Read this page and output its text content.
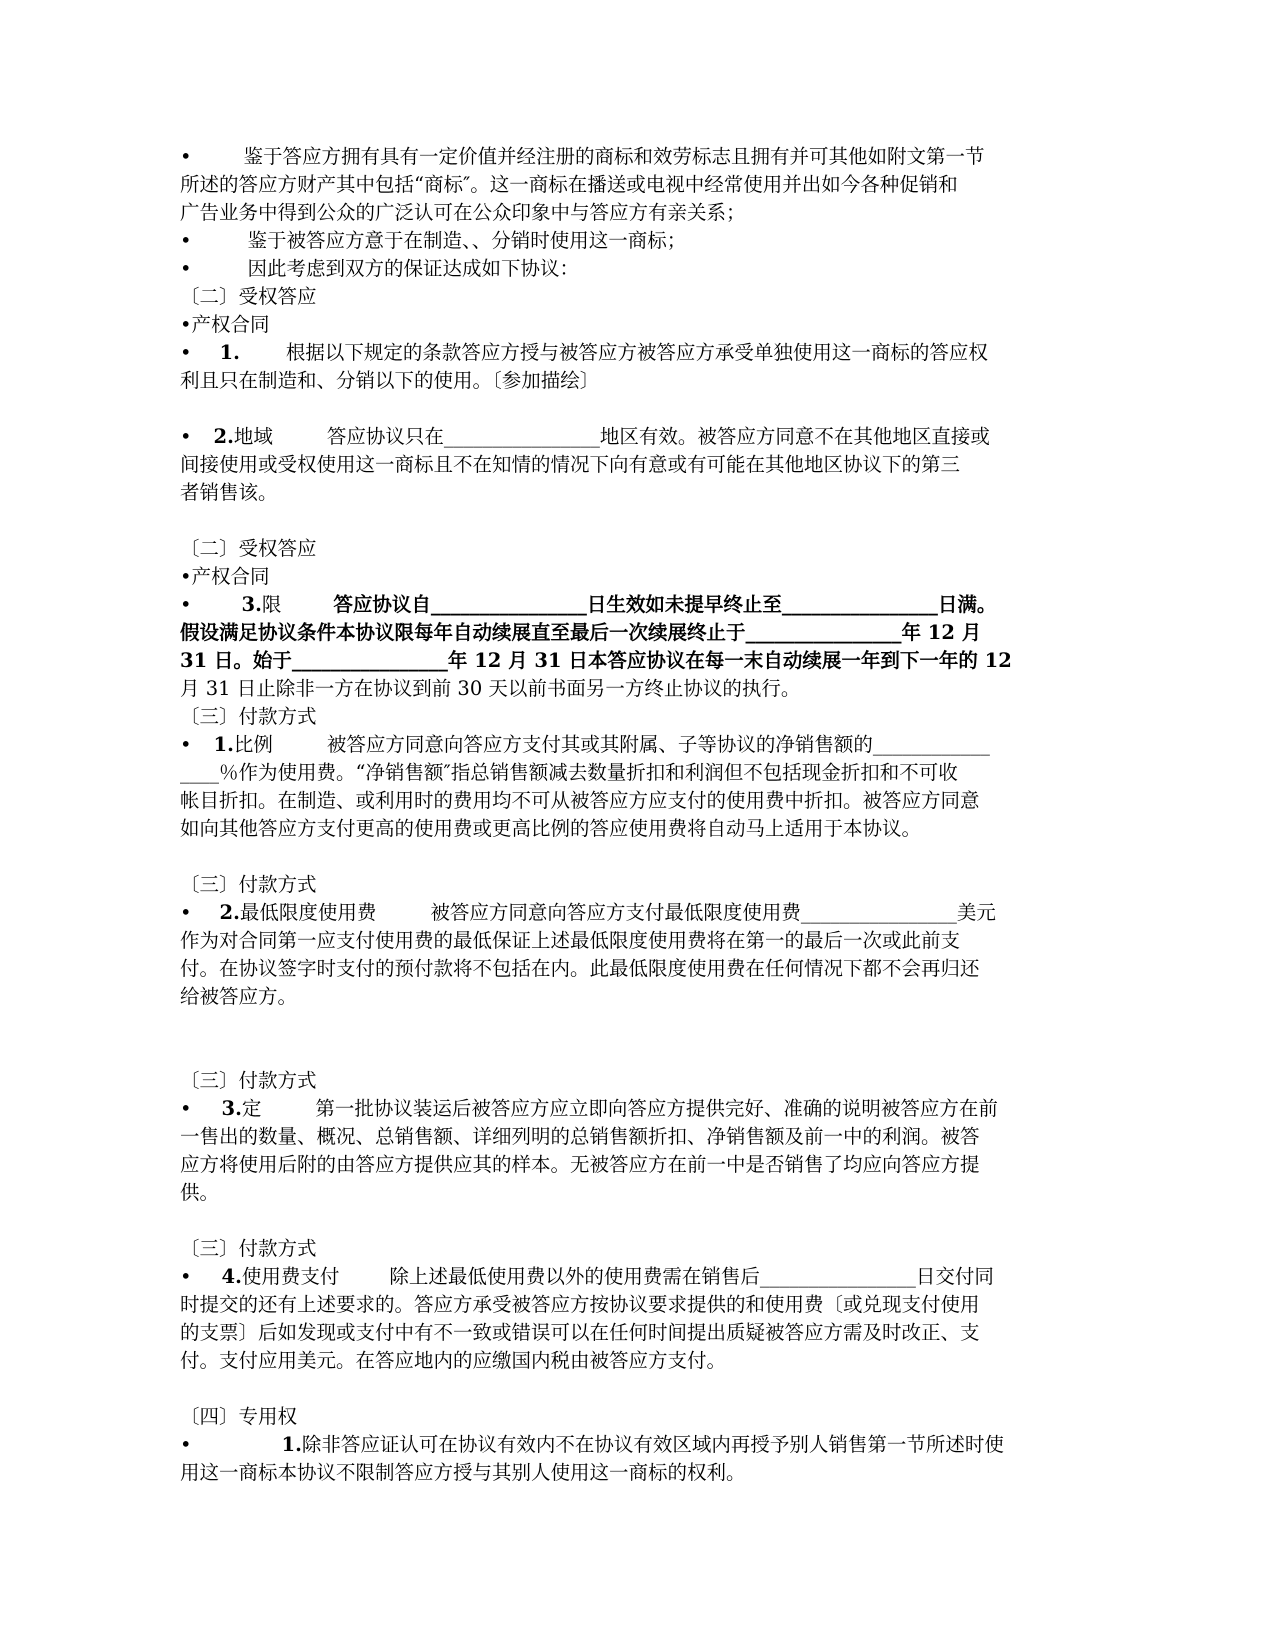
•	鉴于答应方拥有具有一定价值并经注册的商标和效劳标志且拥有并可其他如附文第一节
所述的答应方财产其中包括“商标″。这一商标在播送或电视中经常使用并出如今各种促销和
广告业务中得到公众的广泛认可在公众印象中与答应方有亲关系；
•	鉴于被答应方意于在制造、、分销时使用这一商标；
•	因此考虑到双方的保证达成如下协议：
〔二〕受权答应
•产权合同
• 1. 根据以下规定的条款答应方授与被答应方被答应方承受单独使用这一商标的答应权
利且只在制造和、分销以下的使用。〔参加描绘〕
• 2.地域	答应协议只在________________地区有效。被答应方同意不在其他地区直接或
间接使用或受权使用这一商标且不在知情的情况下向有意或有可能在其他地区协议下的第三
者销售该。
〔二〕受权答应
•产权合同
•	3.限	答应协议自________________日生效如未提早终止至________________日满。
假设满足协议条件本协议限每年自动续展直至最后一次续展终止于________________年 12 月
31 日。始于________________年 12 月 31 日本答应协议在每一末自动续展一年到下一年的 12
月 31 日止除非一方在协议到前 30 天以前书面另一方终止协议的执行。
〔三〕付款方式
• 1.比例	被答应方同意向答应方支付其或其附属、子等协议的净销售额的____________
____％作为使用费。“净销售额″指总销售额减去数量折扣和利润但不包括现金折扣和不可收
帐目折扣。在制造、或利用时的费用均不可从被答应方应支付的使用费中折扣。被答应方同意
如向其他答应方支付更高的使用费或更高比例的答应使用费将自动马上适用于本协议。
〔三〕付款方式
• 2.最低限度使用费	被答应方同意向答应方支付最低限度使用费________________美元
作为对合同第一应支付使用费的最低保证上述最低限度使用费将在第一的最后一次或此前支
付。在协议签字时支付的预付款将不包括在内。此最低限度使用费在任何情况下都不会再归还
给被答应方。
〔三〕付款方式
• 3.定	第一批协议装运后被答应方应立即向答应方提供完好、准确的说明被答应方在前
一售出的数量、概况、总销售额、详细列明的总销售额折扣、净销售额及前一中的利润。被答
应方将使用后附的由答应方提供应其的样本。无被答应方在前一中是否销售了均应向答应方提
供。
〔三〕付款方式
• 4.使用费支付	除上述最低使用费以外的使用费需在销售后________________日交付同
时提交的还有上述要求的。答应方承受被答应方按协议要求提供的和使用费〔或兑现支付使用
的支票〕后如发现或支付中有不一致或错误可以在任何时间提出质疑被答应方需及时改正、支
付。支付应用美元。在答应地内的应缴国内税由被答应方支付。
〔四〕专用权
•	1.除非答应证认可在协议有效内不在协议有效区域内再授予别人销售第一节所述时使
用这一商标本协议不限制答应方授与其别人使用这一商标的权利。
